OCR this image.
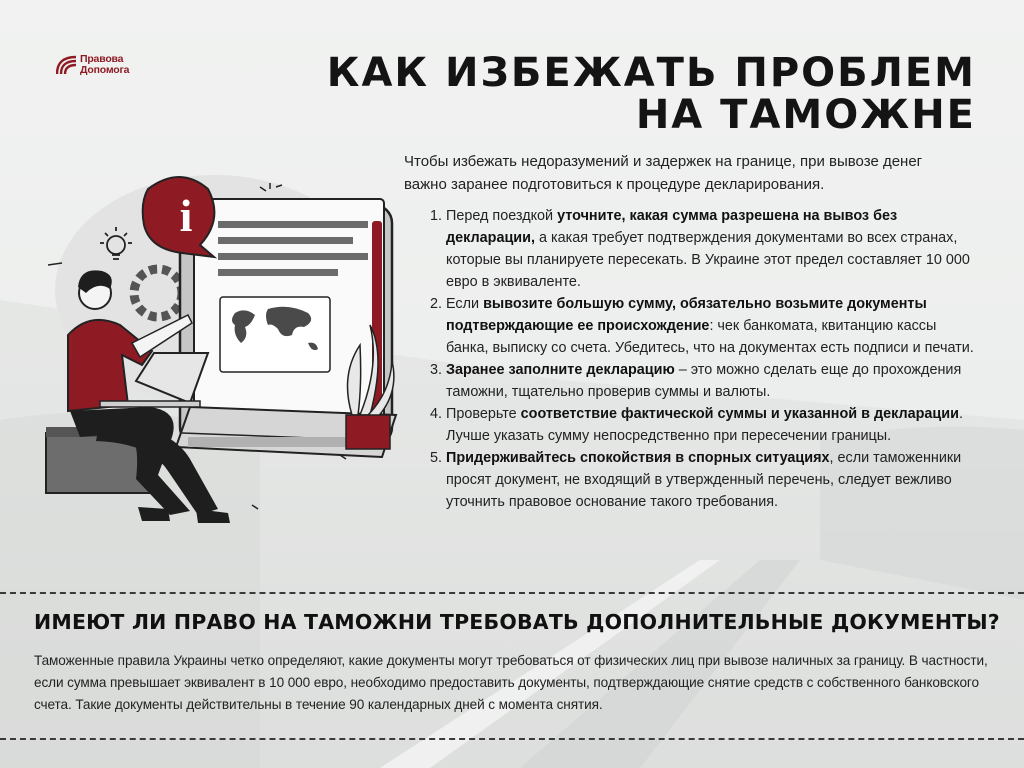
Правова
Допомога	КАК ИЗБЕЖАТЬ ПРОБЛЕМ
НА ТАМОЖНЕ
Чтобы избежать недоразумений и задержек на границе, при вывозе денег важно заранее подготовиться к процедуре декларирования.
1. Перед поездкой уточните, какая сумма разрешена на вывоз без декларации, а какая требует подтверждения документами во всех странах, которые вы планируете пересекать. В Украине этот предел составляет 10 000 евро в эквиваленте.
2. Если вывозите большую сумму, обязательно возьмите документы подтверждающие ее происхождение: чек банкомата, квитанцию кассы банка, выписку со счета. Убедитесь, что на документах есть подписи и печати.
3. Заранее заполните декларацию – это можно сделать еще до прохождения таможни, тщательно проверив суммы и валюты.
4. Проверьте соответствие фактической суммы и указанной в декларации. Лучше указать сумму непосредственно при пересечении границы.
5. Придерживайтесь спокойствия в спорных ситуациях, если таможенники просят документ, не входящий в утвержденный перечень, следует вежливо уточнить правовое основание такого требования.
i
ИМЕЮТ ЛИ ПРАВО НА ТАМОЖНИ ТРЕБОВАТЬ ДОПОЛНИТЕЛЬНЫЕ ДОКУМЕНТЫ?
Таможенные правила Украины четко определяют, какие документы могут требоваться от физических лиц при вывозе наличных за границу. В частности, если сумма превышает эквивалент в 10 000 евро, необходимо предоставить документы, подтверждающие снятие средств с собственного банковского счета. Такие документы действительны в течение 90 календарных дней с момента снятия.
